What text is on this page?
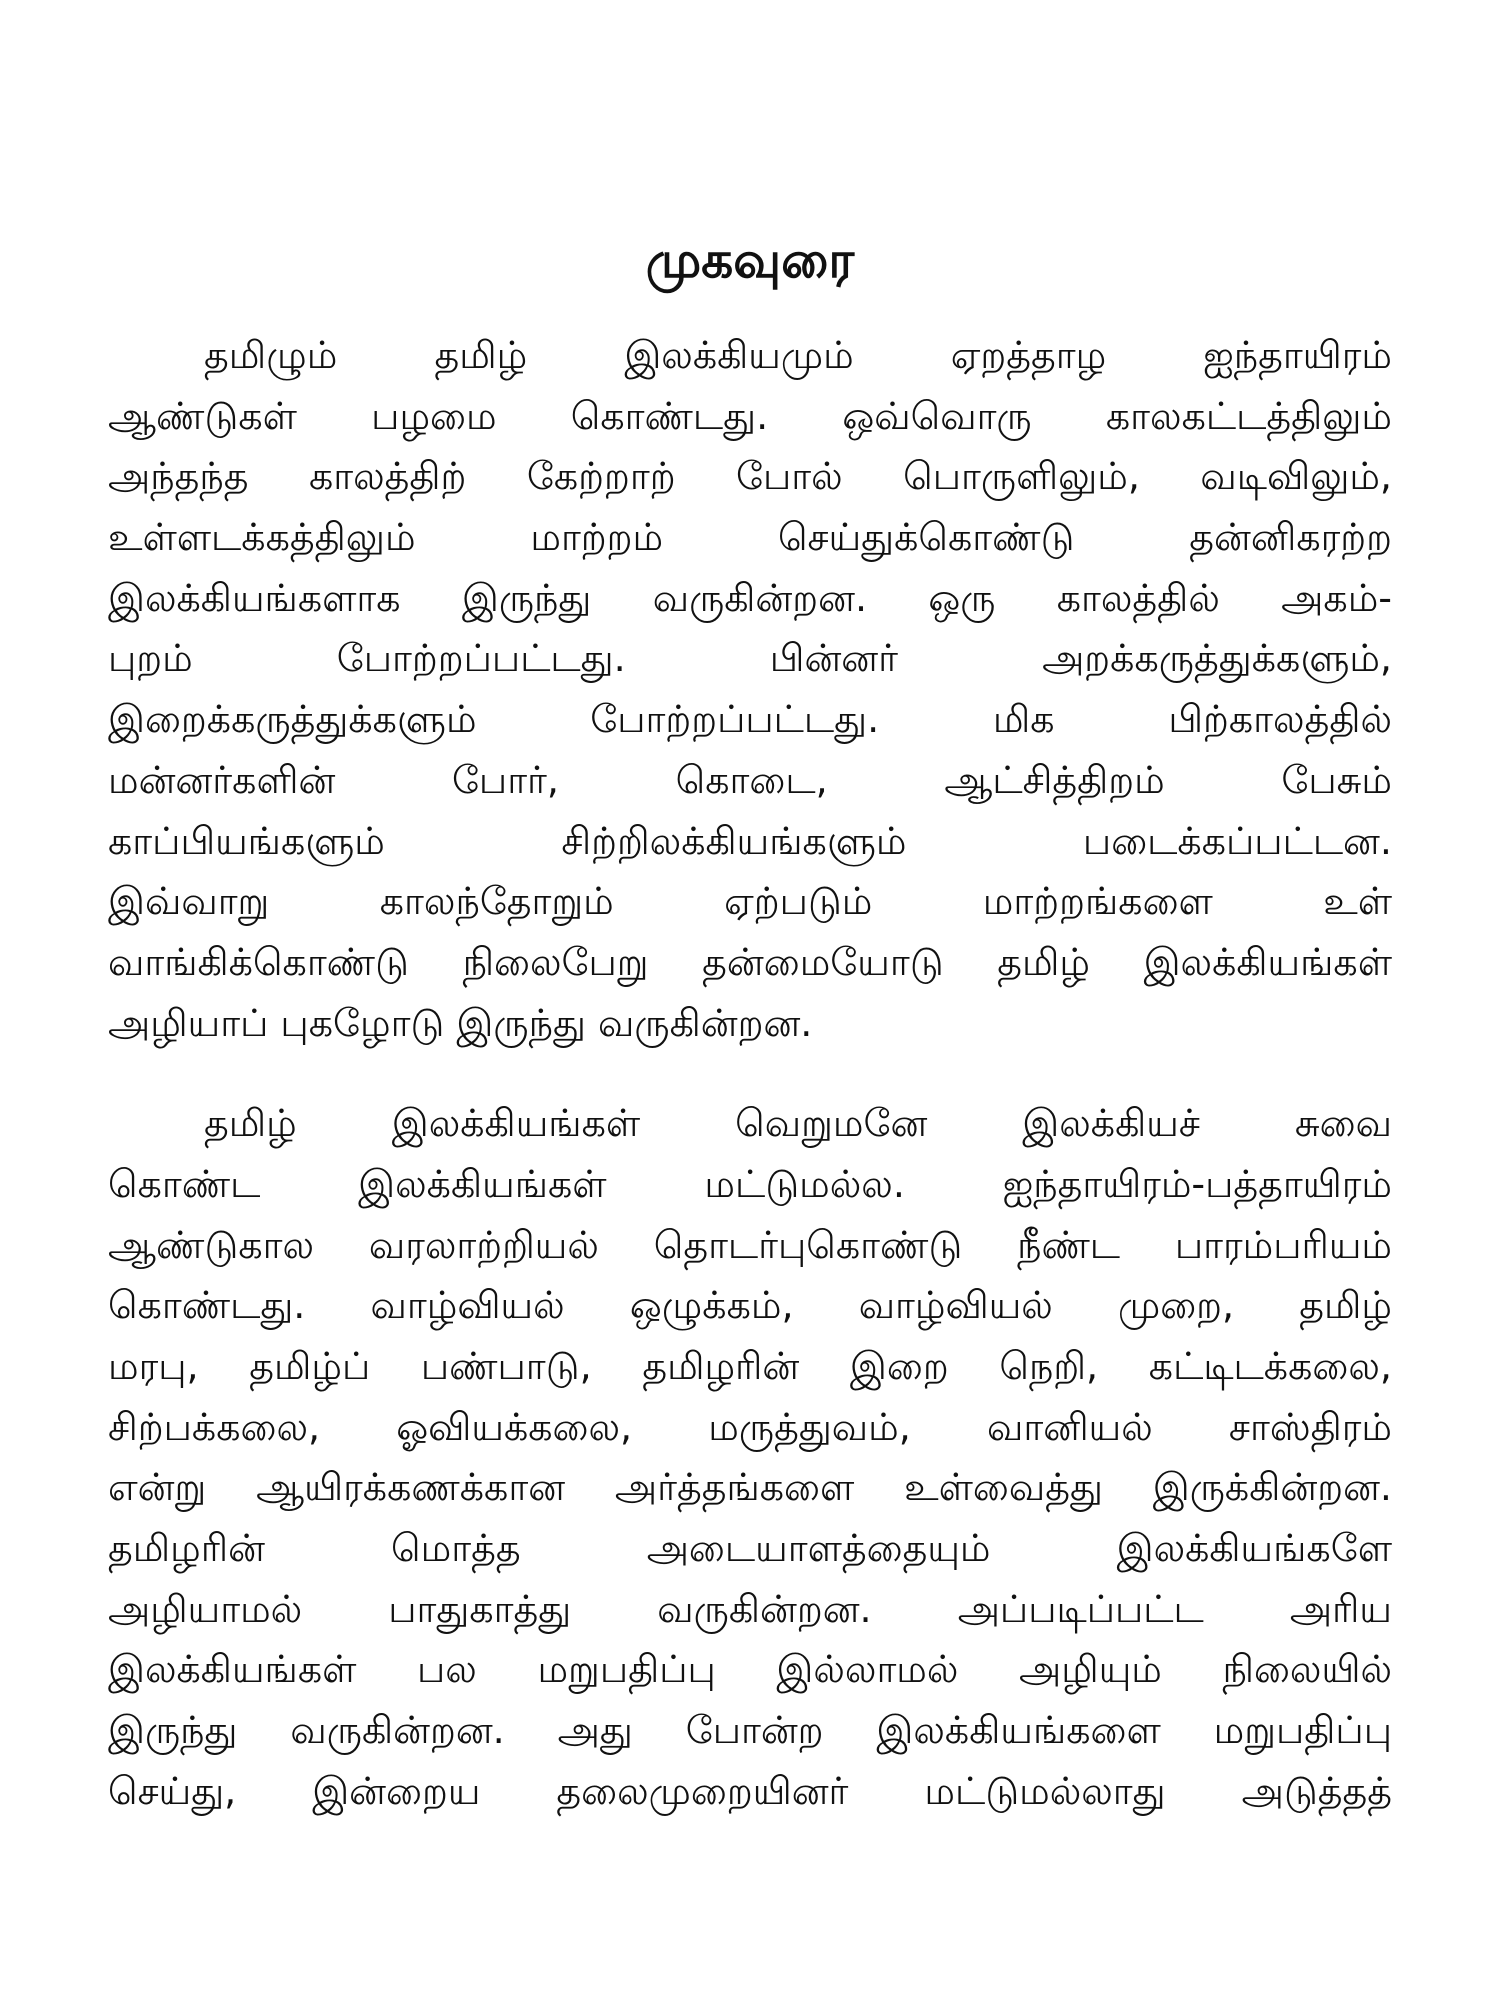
முகவுரை
தமிழும் தமிழ் இலக்கியமும் ஏறத்தாழ ஐந்தாயிரம்
ஆண்டுகள் பழமை கொண்டது. ஒவ்வொரு காலகட்டத்திலும்
அந்தந்த காலத்திற் கேற்றாற் போல் பொருளிலும், வடிவிலும்,
உள்ளடக்கத்திலும் மாற்றம் செய்துக்கொண்டு தன்னிகரற்ற
இலக்கியங்களாக இருந்து வருகின்றன. ஒரு காலத்தில் அகம்-
புறம் போற்றப்பட்டது. பின்னர் அறக்கருத்துக்களும்,
இறைக்கருத்துக்களும் போற்றப்பட்டது. மிக பிற்காலத்தில்
மன்னர்களின் போர், கொடை, ஆட்சித்திறம் பேசும்
காப்பியங்களும் சிற்றிலக்கியங்களும் படைக்கப்பட்டன.
இவ்வாறு காலந்தோறும் ஏற்படும் மாற்றங்களை உள்
வாங்கிக்கொண்டு நிலைபேறு தன்மையோடு தமிழ் இலக்கியங்கள்
அழியாப் புகழோடு இருந்து வருகின்றன.
தமிழ் இலக்கியங்கள் வெறுமனே இலக்கியச் சுவை
கொண்ட இலக்கியங்கள் மட்டுமல்ல. ஐந்தாயிரம்-பத்தாயிரம்
ஆண்டுகால வரலாற்றியல் தொடர்புகொண்டு நீண்ட பாரம்பரியம்
கொண்டது. வாழ்வியல் ஒழுக்கம், வாழ்வியல் முறை, தமிழ்
மரபு, தமிழ்ப் பண்பாடு, தமிழரின் இறை நெறி, கட்டிடக்கலை,
சிற்பக்கலை, ஓவியக்கலை, மருத்துவம், வானியல் சாஸ்திரம்
என்று ஆயிரக்கணக்கான அர்த்தங்களை உள்வைத்து இருக்கின்றன.
தமிழரின் மொத்த அடையாளத்தையும் இலக்கியங்களே
அழியாமல் பாதுகாத்து வருகின்றன. அப்படிப்பட்ட அரிய
இலக்கியங்கள் பல மறுபதிப்பு இல்லாமல் அழியும் நிலையில்
இருந்து வருகின்றன. அது போன்ற இலக்கியங்களை மறுபதிப்பு
செய்து, இன்றைய தலைமுறையினர் மட்டுமல்லாது அடுத்தத்
